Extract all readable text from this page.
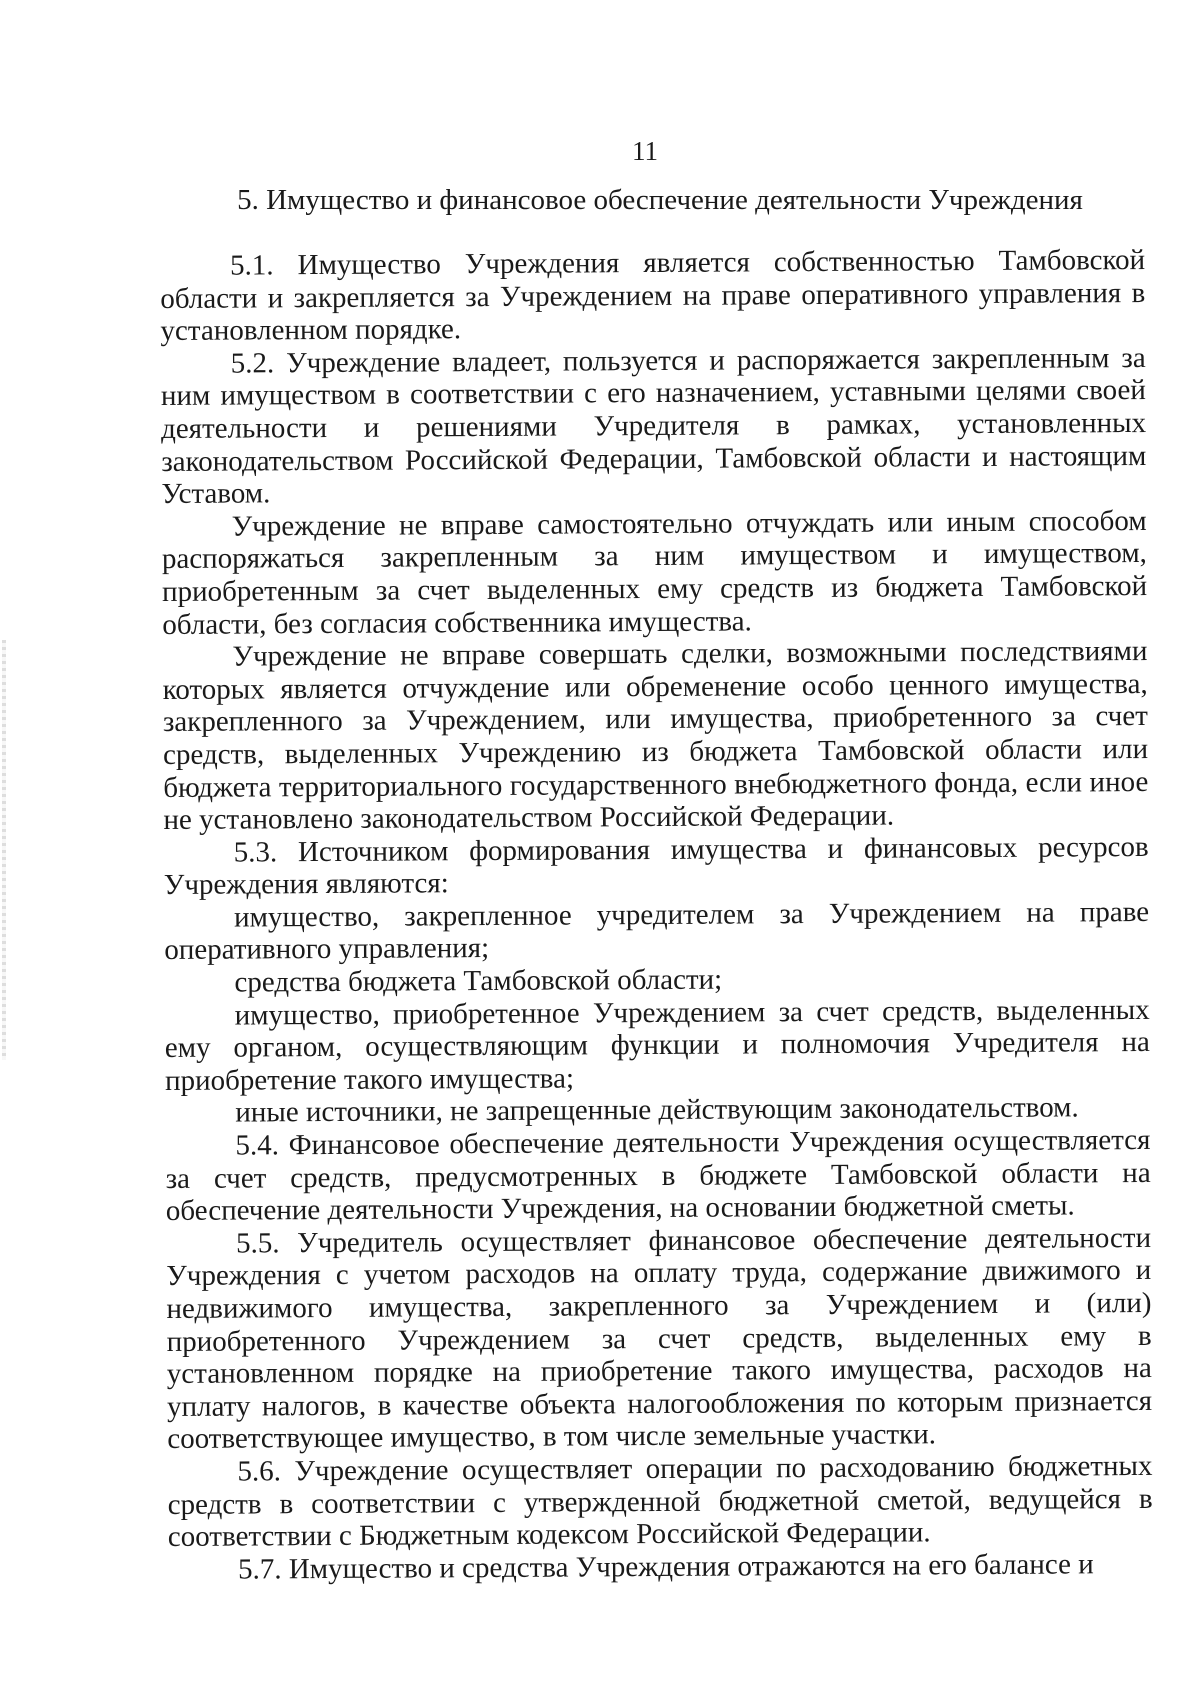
11
5. Имущество и финансовое обеспечение деятельности Учреждения

5.1. Имущество Учреждения является собственностью Тамбовской области и закрепляется за Учреждением на праве оперативного управления в установленном порядке.

5.2. Учреждение владеет, пользуется и распоряжается закрепленным за ним имуществом в соответствии с его назначением, уставными целями своей деятельности и решениями Учредителя в рамках, установленных законодательством Российской Федерации, Тамбовской области и настоящим Уставом.

Учреждение не вправе самостоятельно отчуждать или иным способом распоряжаться закрепленным за ним имуществом и имуществом, приобретенным за счет выделенных ему средств из бюджета Тамбовской области, без согласия собственника имущества.

Учреждение не вправе совершать сделки, возможными последствиями которых является отчуждение или обременение особо ценного имущества, закрепленного за Учреждением, или имущества, приобретенного за счет средств, выделенных Учреждению из бюджета Тамбовской области или бюджета территориального государственного внебюджетного фонда, если иное не установлено законодательством Российской Федерации.

5.3. Источником формирования имущества и финансовых ресурсов Учреждения являются:

имущество, закрепленное учредителем за Учреждением на праве оперативного управления;

средства бюджета Тамбовской области;

имущество, приобретенное Учреждением за счет средств, выделенных ему органом, осуществляющим функции и полномочия Учредителя на приобретение такого имущества;

иные источники, не запрещенные действующим законодательством.

5.4. Финансовое обеспечение деятельности Учреждения осуществляется за счет средств, предусмотренных в бюджете Тамбовской области на обеспечение деятельности Учреждения, на основании бюджетной сметы.

5.5. Учредитель осуществляет финансовое обеспечение деятельности Учреждения с учетом расходов на оплату труда, содержание движимого и недвижимого имущества, закрепленного за Учреждением и (или) приобретенного Учреждением за счет средств, выделенных ему в установленном порядке на приобретение такого имущества, расходов на уплату налогов, в качестве объекта налогообложения по которым признается соответствующее имущество, в том числе земельные участки.

5.6. Учреждение осуществляет операции по расходованию бюджетных средств в соответствии с утвержденной бюджетной сметой, ведущейся в соответствии с Бюджетным кодексом Российской Федерации.

5.7. Имущество и средства Учреждения отражаются на его балансе и
